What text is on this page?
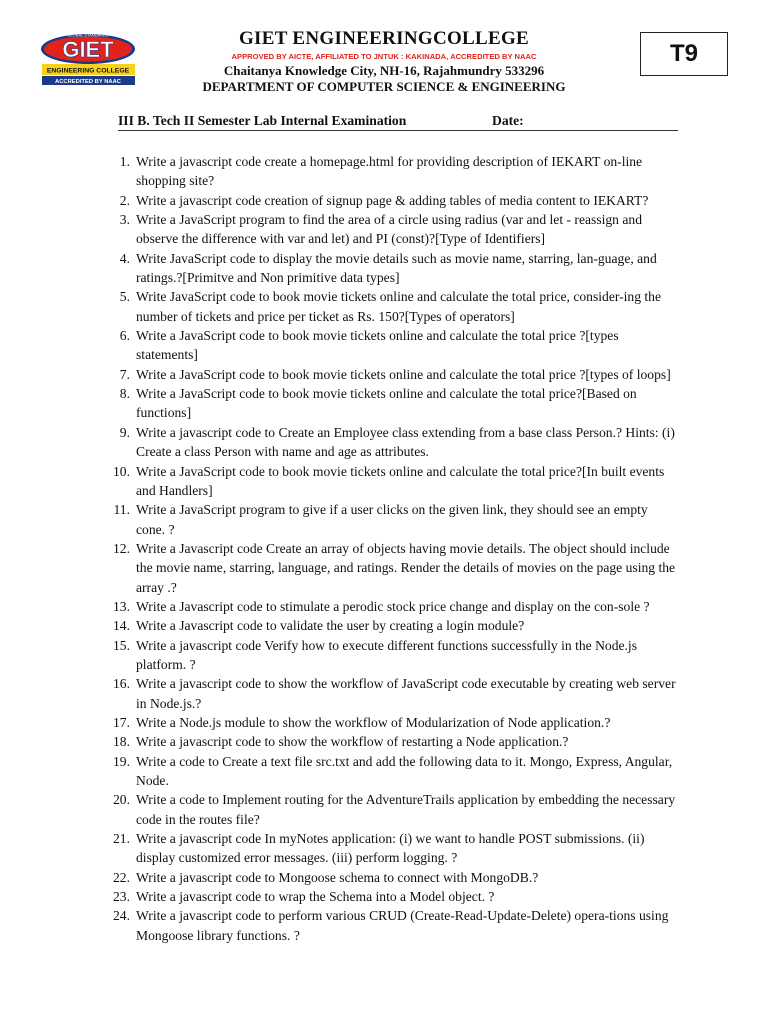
GLOBAL STANDARDS
GIET
ENGINEERING COLLEGE
ACCREDITED BY NAAC
GIET ENGINEERINGCOLLEGE
APPROVED BY AICTE, AFFILIATED TO JNTUK : KAKINADA, ACCREDITED BY NAAC
Chaitanya Knowledge City, NH-16, Rajahmundry 533296
DEPARTMENT OF COMPUTER SCIENCE & ENGINEERING
T9
III B. Tech II Semester Lab Internal Examination	Date:
1. Write a javascript code create a homepage.html for providing description of IEKART on-line shopping site?
2. Write a javascript code creation of signup page & adding tables of media content to IEKART?
3. Write a JavaScript program to find the area of a circle using radius (var and let - reassign and observe the difference with var and let) and PI (const)?[Type of Identifiers]
4. Write JavaScript code to display the movie details such as movie name, starring, lan-guage, and ratings.?[Primitve and Non primitive data types]
5. Write JavaScript code to book movie tickets online and calculate the total price, consider-ing the number of tickets and price per ticket as Rs. 150?[Types of operators]
6. Write a JavaScript code to book movie tickets online and calculate the total price ?[types statements]
7. Write a JavaScript code to book movie tickets online and calculate the total price ?[types of loops]
8. Write a JavaScript code to book movie tickets online and calculate the total price?[Based on functions]
9. Write a javascript code to Create an Employee class extending from a base class Person.? Hints: (i) Create a class Person with name and age as attributes.
10. Write a JavaScript code to book movie tickets online and calculate the total price?[In built events and Handlers]
11. Write a JavaScript program to give if a user clicks on the given link, they should see an empty cone. ?
12. Write a Javascript code Create an array of objects having movie details. The object should include the movie name, starring, language, and ratings. Render the details of movies on the page using the array .?
13. Write a Javascript code to stimulate a perodic stock price change and display on the con-sole ?
14. Write a Javascript code to validate the user by creating a login module?
15. Write a javascript code Verify how to execute different functions successfully in the Node.js platform. ?
16. Write a javascript code to show the workflow of JavaScript code executable by creating web server in Node.js.?
17. Write a Node.js module to show the workflow of Modularization of Node application.?
18. Write a javascript code to show the workflow of restarting a Node application.?
19. Write a code to Create a text file src.txt and add the following data to it. Mongo, Express, Angular, Node.
20. Write a code to Implement routing for the AdventureTrails application by embedding the necessary code in the routes file?
21. Write a javascript code In myNotes application: (i) we want to handle POST submissions. (ii) display customized error messages. (iii) perform logging. ?
22. Write a javascript code to Mongoose schema to connect with MongoDB.?
23. Write a javascript code to wrap the Schema into a Model object. ?
24. Write a javascript code to perform various CRUD (Create-Read-Update-Delete) opera-tions using Mongoose library functions. ?
